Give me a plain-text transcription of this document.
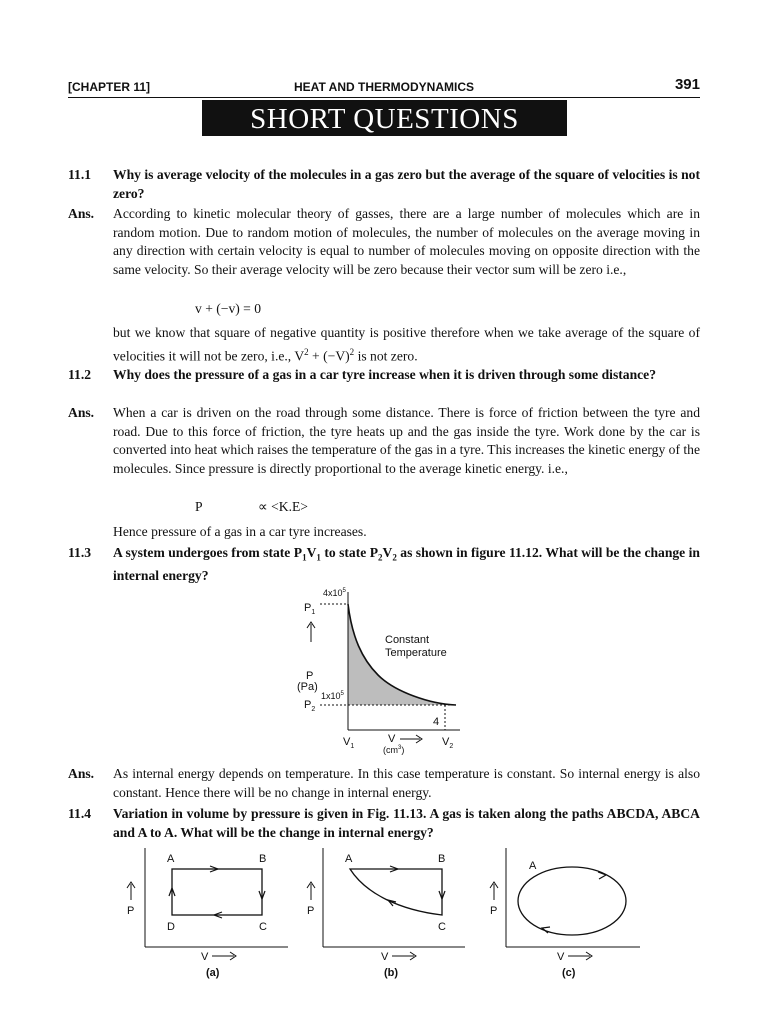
[CHAPTER 11]	HEAT AND THERMODYNAMICS	391
SHORT QUESTIONS
11.1 Why is average velocity of the molecules in a gas zero but the average of the square of velocities is not zero?
Ans. According to kinetic molecular theory of gasses, there are a large number of molecules which are in random motion. Due to random motion of molecules, the number of molecules on the average moving in any direction with certain velocity is equal to number of molecules moving on opposite direction with the same velocity. So their average velocity will be zero because their vector sum will be zero i.e.,
v + (−v) = 0
but we know that square of negative quantity is positive therefore when we take average of the square of velocities it will not be zero, i.e., $V^2 + (-V)^2$ is not zero.
11.2 Why does the pressure of a gas in a car tyre increase when it is driven through some distance?
Ans. When a car is driven on the road through some distance. There is force of friction between the tyre and road. Due to this force of friction, the tyre heats up and the gas inside the tyre. Work done by the car is converted into heat which raises the temperature of the gas in a tyre. This increases the kinetic energy of the molecules. Since pressure is directly proportional to the average kinetic energy. i.e.,
P	∝ <K.E>
Hence pressure of a gas in a car tyre increases.
11.3 A system undergoes from state $P_1V_1$ to state $P_2V_2$ as shown in figure 11.12. What will be the change in internal energy?
$4x10^5$
$P_1$
$1x10^5$
$P_2$
P
(Pa)
Constant
Temperature
4
$V_1$
V
$(cm^3)$
$V_2$
Ans. As internal energy depends on temperature. In this case temperature is constant. So internal energy is also constant. Hence there will be no change in internal energy.
11.4 Variation in volume by pressure is given in Fig. 11.13. A gas is taken along the paths ABCDA, ABCA and A to A. What will be the change in internal energy?
A	B
C
D
P
V
(a)
A	B
C
P
V
(b)
A
P
V
(c)
